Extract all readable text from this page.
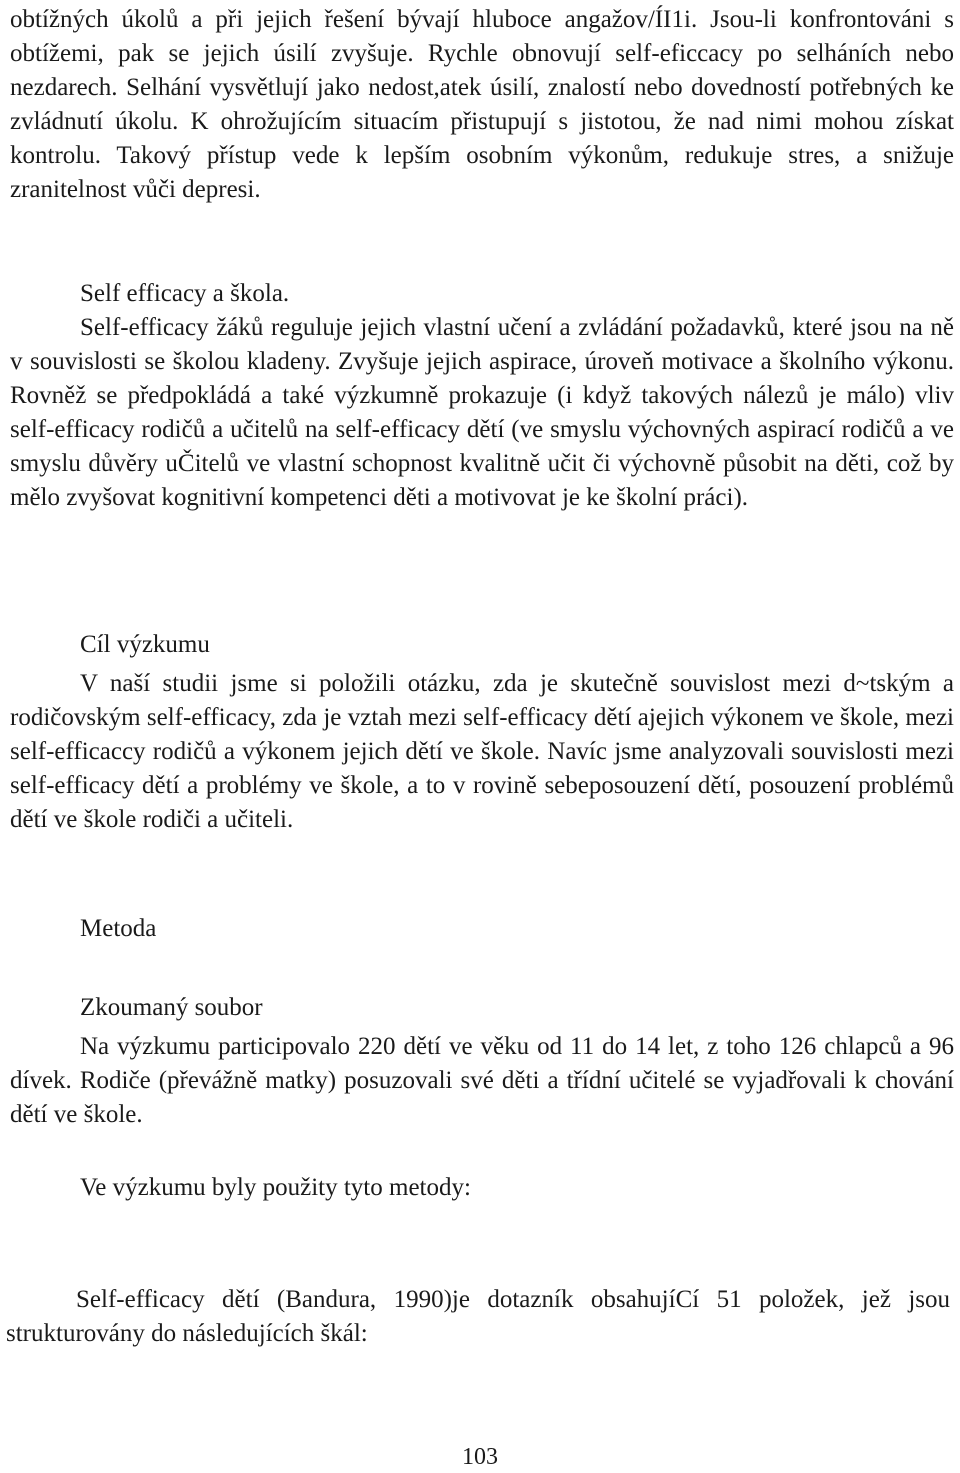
obtížných úkolů a při jejich řešení bývají hluboce angažov/ÍI1i. Jsou-li konfrontováni s obtížemi, pak se jejich úsilí zvyšuje. Rychle obnovují self-eficcacy po selháních nebo nezdarech. Selhání vysvětlují jako nedost,atek úsilí, znalostí nebo dovedností potřebných ke zvládnutí úkolu. K ohrožujícím situacím přistupují s jistotou, že nad nimi mohou získat kontrolu. Takový přístup vede k lepším osobním výkonům, redukuje stres, a snižuje zranitelnost vůči depresi.

Self efficacy a škola.

Self-efficacy žáků reguluje jejich vlastní učení a zvládání požadavků, které jsou na ně v souvislosti se školou kladeny. Zvyšuje jejich aspirace, úroveň motivace a školního výkonu. Rovněž se předpokládá a také výzkumně prokazuje (i když takových nálezů je málo) vliv self-efficacy rodičů a učitelů na self-efficacy dětí (ve smyslu výchovných aspirací rodičů a ve smyslu důvěry uČitelů ve vlastní schopnost kvalitně učit či výchovně působit na děti, což by mělo zvyšovat kognitivní kompetenci děti a motivovat je ke školní práci).

Cíl výzkumu

V naší studii jsme si položili otázku, zda je skutečně souvislost mezi d~tským a rodičovským self-efficacy, zda je vztah mezi self-efficacy dětí ajejich výkonem ve škole, mezi self-efficaccy rodičů a výkonem jejich dětí ve škole. Navíc jsme analyzovali souvislosti mezi self-efficacy dětí a problémy ve škole, a to v rovině sebeposouzení dětí, posouzení problémů dětí ve škole rodiči a učiteli.

Metoda

Zkoumaný soubor

Na výzkumu participovalo 220 dětí ve věku od 11 do 14 let, z toho 126 chlapců a 96 dívek. Rodiče (převážně matky) posuzovali své děti a třídní učitelé se vyjadřovali k chování dětí ve škole.

Ve výzkumu byly použity tyto metody:

Self-efficacy dětí (Bandura, 1990)je dotazník obsahujíCí 51 položek, jež jsou strukturovány do následujících škál:

103
